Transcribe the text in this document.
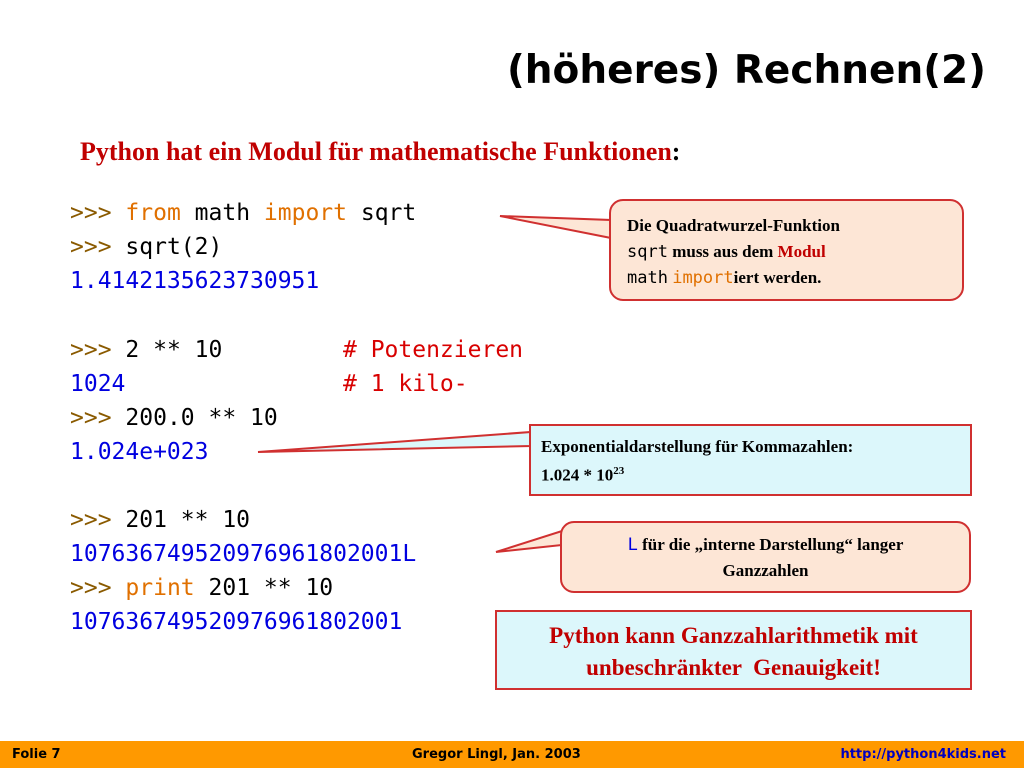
(höheres) Rechnen(2)
Python hat ein Modul für mathematische Funktionen:
>>> from math import sqrt
>>> sqrt(2)
1.4142135623730951
>>> 2 ** 10	# Potenzieren
1024	# 1 kilo-
>>> 200.0 ** 10
1.024e+023
>>> 201 ** 10
107636749520976961802001L
>>> print 201 ** 10
107636749520976961802001
Die Quadratwurzel-Funktion
sqrt muss aus dem Modul
math importiert werden.
Exponentialdarstellung für Kommazahlen:
$1.024 * 10^{23}$
L für die „interne Darstellung“ langer
Ganzzahlen
Python kann Ganzzahlarithmetik mit
unbeschränkter  Genauigkeit!
Folie 7	Gregor Lingl, Jan. 2003	http://python4kids.net
